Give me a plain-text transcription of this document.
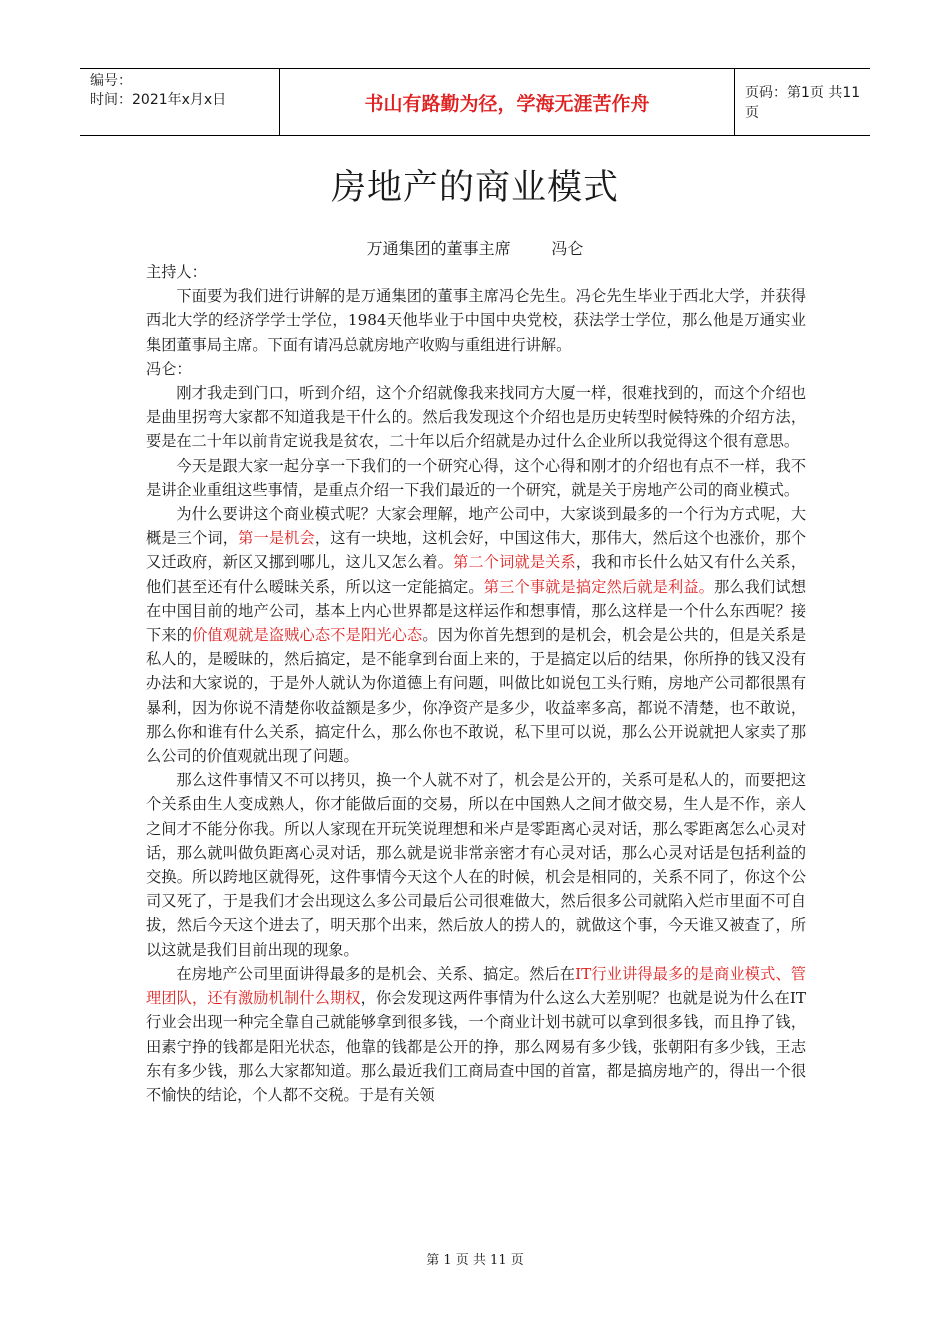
编号：
时间：2021年x月x日	书山有路勤为径，学海无涯苦作舟	页码：第1页 共11页
房地产的商业模式
万通集团的董事主席        冯仑

主持人：

下面要为我们进行讲解的是万通集团的董事主席冯仑先生。冯仑先生毕业于西北大学，并获得西北大学的经济学学士学位，1984天他毕业于中国中央党校，获法学士学位，那么他是万通实业集团董事局主席。下面有请冯总就房地产收购与重组进行讲解。

冯仑：

刚才我走到门口，听到介绍，这个介绍就像我来找同方大厦一样，很难找到的，而这个介绍也是曲里拐弯大家都不知道我是干什么的。然后我发现这个介绍也是历史转型时候特殊的介绍方法，要是在二十年以前肯定说我是贫农，二十年以后介绍就是办过什么企业所以我觉得这个很有意思。

今天是跟大家一起分享一下我们的一个研究心得，这个心得和刚才的介绍也有点不一样，我不是讲企业重组这些事情，是重点介绍一下我们最近的一个研究，就是关于房地产公司的商业模式。

为什么要讲这个商业模式呢？大家会理解，地产公司中，大家谈到最多的一个行为方式呢，大概是三个词，第一是机会，这有一块地，这机会好，中国这伟大，那伟大，然后这个也涨价，那个又迁政府，新区又挪到哪儿，这儿又怎么着。第二个词就是关系，我和市长什么姑又有什么关系，他们甚至还有什么暧昧关系，所以这一定能搞定。第三个事就是搞定然后就是利益。那么我们试想在中国目前的地产公司，基本上内心世界都是这样运作和想事情，那么这样是一个什么东西呢？接下来的价值观就是盗贼心态不是阳光心态。因为你首先想到的是机会，机会是公共的，但是关系是私人的，是暧昧的，然后搞定，是不能拿到台面上来的，于是搞定以后的结果，你所挣的钱又没有办法和大家说的，于是外人就认为你道德上有问题，叫做比如说包工头行贿，房地产公司都很黑有暴利，因为你说不清楚你收益额是多少，你净资产是多少，收益率多高，都说不清楚，也不敢说，那么你和谁有什么关系，搞定什么，那么你也不敢说，私下里可以说，那么公开说就把人家卖了那么公司的价值观就出现了问题。

那么这件事情又不可以拷贝，换一个人就不对了，机会是公开的，关系可是私人的，而要把这个关系由生人变成熟人，你才能做后面的交易，所以在中国熟人之间才做交易，生人是不作，亲人之间才不能分你我。所以人家现在开玩笑说理想和米卢是零距离心灵对话，那么零距离怎么心灵对话，那么就叫做负距离心灵对话，那么就是说非常亲密才有心灵对话，那么心灵对话是包括利益的交换。所以跨地区就得死，这件事情今天这个人在的时候，机会是相同的，关系不同了，你这个公司又死了，于是我们才会出现这么多公司最后公司很难做大，然后很多公司就陷入烂市里面不可自拔，然后今天这个进去了，明天那个出来，然后放人的捞人的，就做这个事，今天谁又被查了，所以这就是我们目前出现的现象。

在房地产公司里面讲得最多的是机会、关系、搞定。然后在IT行业讲得最多的是商业模式、管理团队，还有激励机制什么期权，你会发现这两件事情为什么这么大差别呢？也就是说为什么在IT行业会出现一种完全靠自己就能够拿到很多钱，一个商业计划书就可以拿到很多钱，而且挣了钱，田素宁挣的钱都是阳光状态，他靠的钱都是公开的挣，那么网易有多少钱，张朝阳有多少钱，王志东有多少钱，那么大家都知道。那么最近我们工商局查中国的首富，都是搞房地产的，得出一个很不愉快的结论，个人都不交税。于是有关领

第 1 页 共 11 页
